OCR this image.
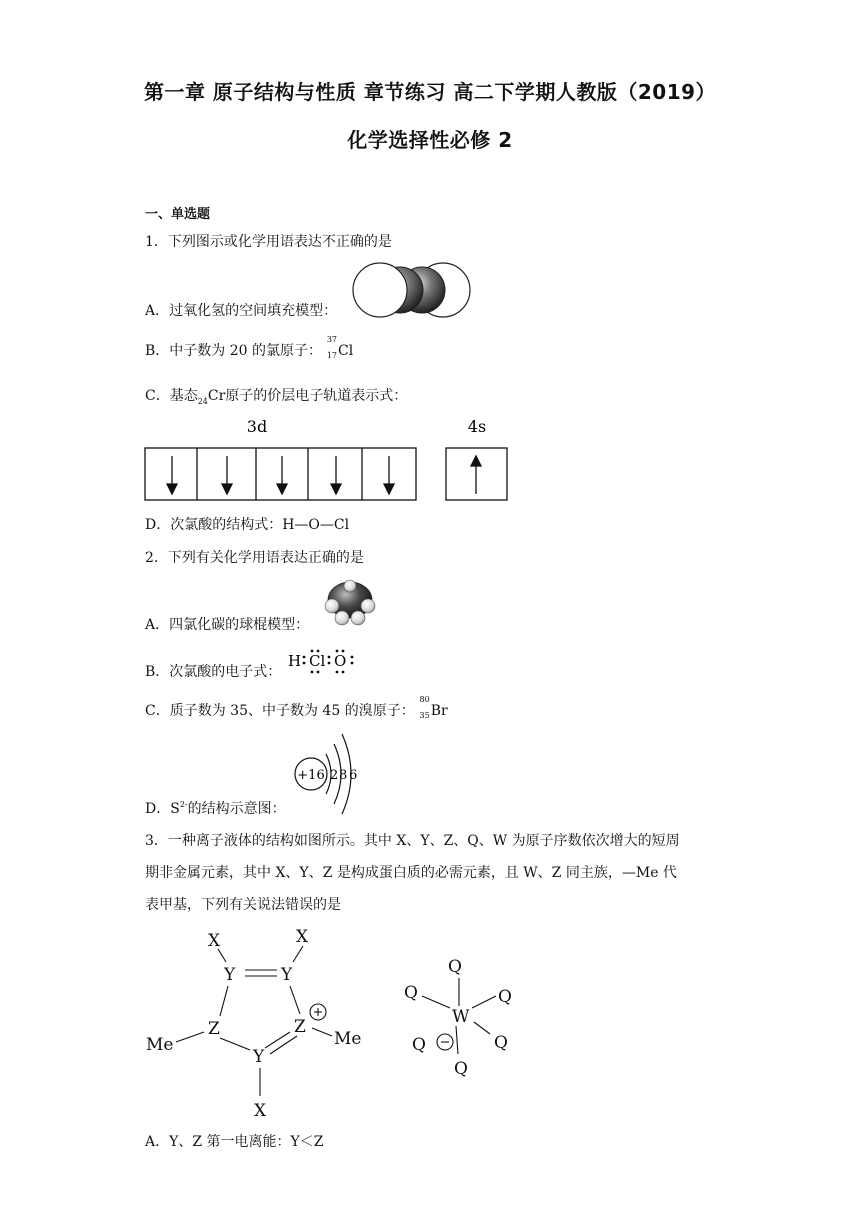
第一章 原子结构与性质 章节练习 高二下学期人教版（2019）
化学选择性必修 2
一、单选题
1．下列图示或化学用语表达不正确的是
A．过氧化氢的空间填充模型：
B．中子数为 20 的氯原子：
37
17 Cl
C．基态$_{24}$Cr原子的价层电子轨道表示式：
3d	4s
D．次氯酸的结构式：H—O—Cl
2．下列有关化学用语表达正确的是
A．四氯化碳的球棍模型：
B．次氯酸的电子式：
H Cl O
C．质子数为 35、中子数为 45 的溴原子：
80
35 Br
+16 2 8 6
D．$S^{2-}$的结构示意图：
3．一种离子液体的结构如图所示。其中 X、Y、Z、Q、W 为原子序数依次增大的短周
期非金属元素，其中 X、Y、Z 是构成蛋白质的必需元素，且 W、Z 同主族，—Me 代
表甲基，下列有关说法错误的是
X	X
Y	Y
Z	Z
Y
X
Me	Me
Q
Q	Q
W
Q	Q
Q
A．Y、Z 第一电离能：Y＜Z
